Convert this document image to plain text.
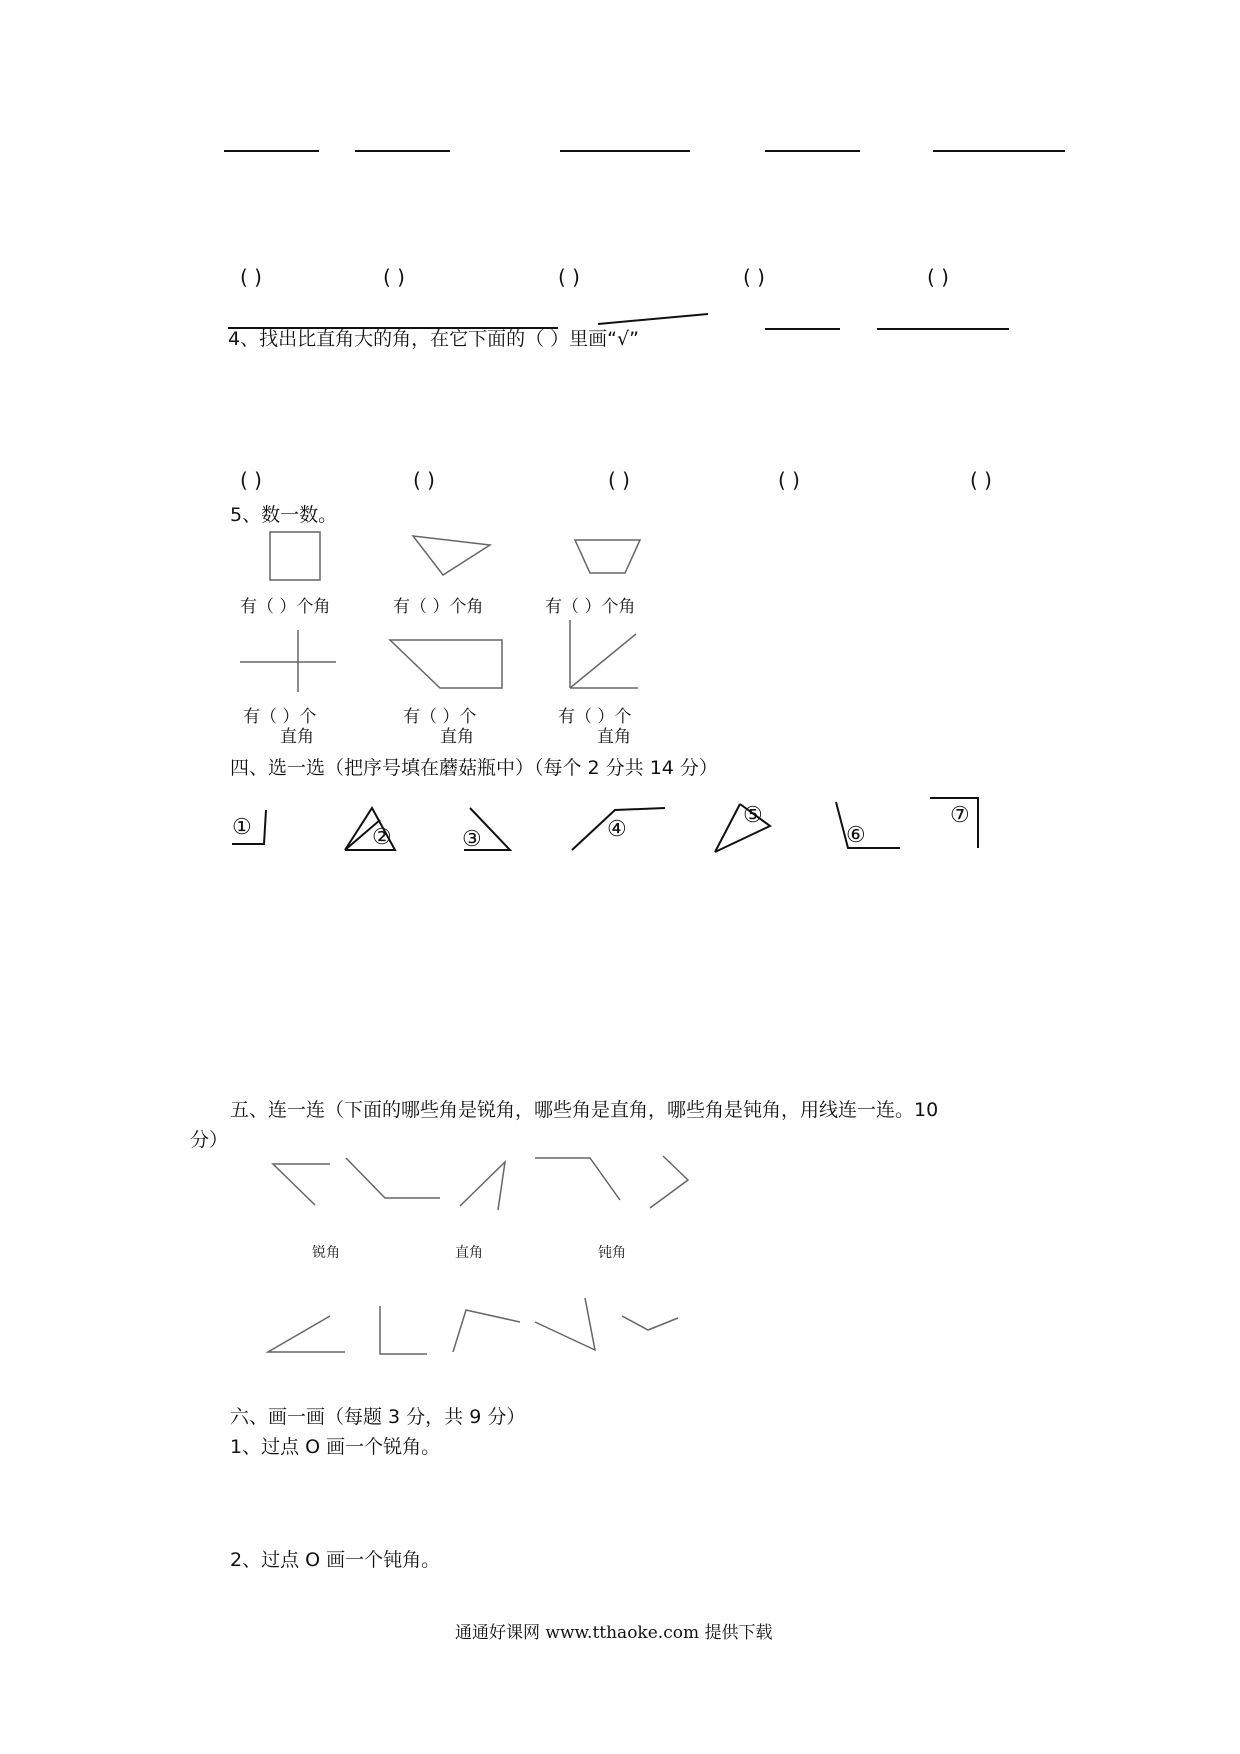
( )	( )	( )	( )	( )
4、找出比直角大的角，在它下面的（ ）里画“√”
( )	( )	( )	( )	( )
5、数一数。
有（ ）个角	有（ ）个角	有（ ）个角
有（ ）个	有（ ）个	有（ ）个
直角	直角	直角
四、选一选（把序号填在蘑菇瓶中）（每个 2 分共 14 分）
①	②	③	④
⑤
⑥
⑦
五、连一连（下面的哪些角是锐角，哪些角是直角，哪些角是钝角，用线连一连。10
分）
锐角	直角	钝角
六、画一画（每题 3 分，共 9 分）
1、过点 O 画一个锐角。
2、过点 O 画一个钝角。
通通好课网 www.tthaoke.com 提供下载
